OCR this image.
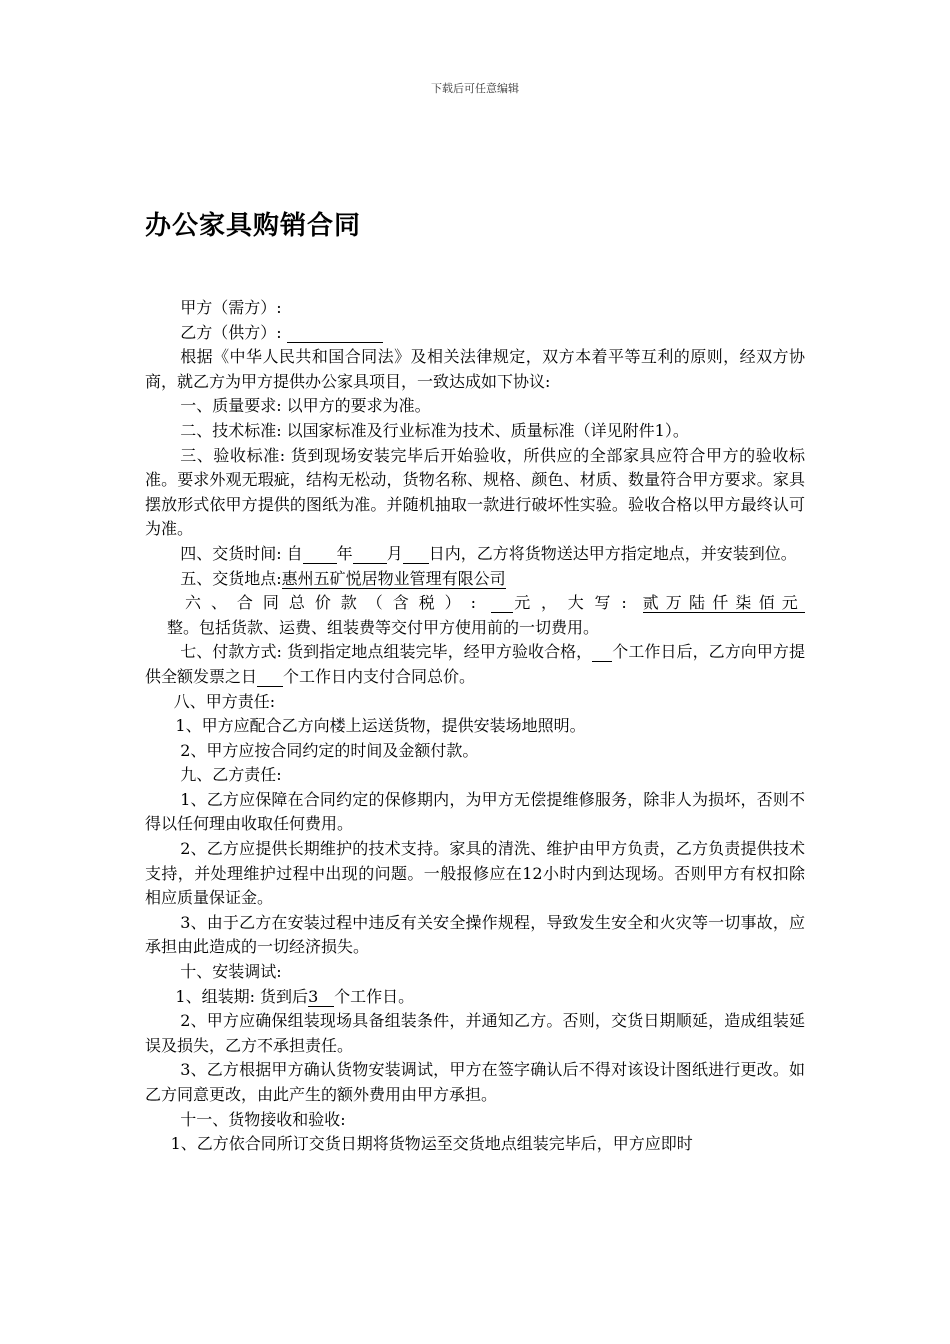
下载后可任意编辑
办公家具购销合同

甲方（需方）:

乙方（供方）:

根据《中华人民共和国合同法》及相关法律规定，双方本着平等互利的原则，经双方协商，就乙方为甲方提供办公家具项目，一致达成如下协议:

一、质量要求: 以甲方的要求为准。

二、技术标准: 以国家标准及行业标准为技术、质量标准（详见附件1）。

三、验收标准: 货到现场安装完毕后开始验收，所供应的全部家具应符合甲方的验收标准。要求外观无瑕疵，结构无松动，货物名称、规格、颜色、材质、数量符合甲方要求。家具摆放形式依甲方提供的图纸为准。并随机抽取一款进行破坏性实验。验收合格以甲方最终认可为准。

四、交货时间: 自 年 月 日内，乙方将货物送达甲方指定地点，并安装到位。

五、交货地点:惠州五矿悦居物业管理有限公司

六、合同总价款（含税）: 元，大写: 贰万陆仟柒佰元

整。包括货款、运费、组装费等交付甲方使用前的一切费用。

七、付款方式: 货到指定地点组装完毕，经甲方验收合格， 个工作日后，乙方向甲方提供全额发票之日 个工作日内支付合同总价。

八、甲方责任:

1、甲方应配合乙方向楼上运送货物，提供安装场地照明。

2、甲方应按合同约定的时间及金额付款。

九、乙方责任:

1、乙方应保障在合同约定的保修期内，为甲方无偿提维修服务，除非人为损坏，否则不得以任何理由收取任何费用。

2、乙方应提供长期维护的技术支持。家具的清洗、维护由甲方负责，乙方负责提供技术支持，并处理维护过程中出现的问题。一般报修应在12小时内到达现场。否则甲方有权扣除相应质量保证金。

3、由于乙方在安装过程中违反有关安全操作规程，导致发生安全和火灾等一切事故，应承担由此造成的一切经济损失。

十、安装调试:

1、组装期: 货到后3 个工作日。

2、甲方应确保组装现场具备组装条件，并通知乙方。否则，交货日期顺延，造成组装延误及损失，乙方不承担责任。

3、乙方根据甲方确认货物安装调试，甲方在签字确认后不得对该设计图纸进行更改。如乙方同意更改，由此产生的额外费用由甲方承担。

十一、货物接收和验收:

1、乙方依合同所订交货日期将货物运至交货地点组装完毕后，甲方应即时
